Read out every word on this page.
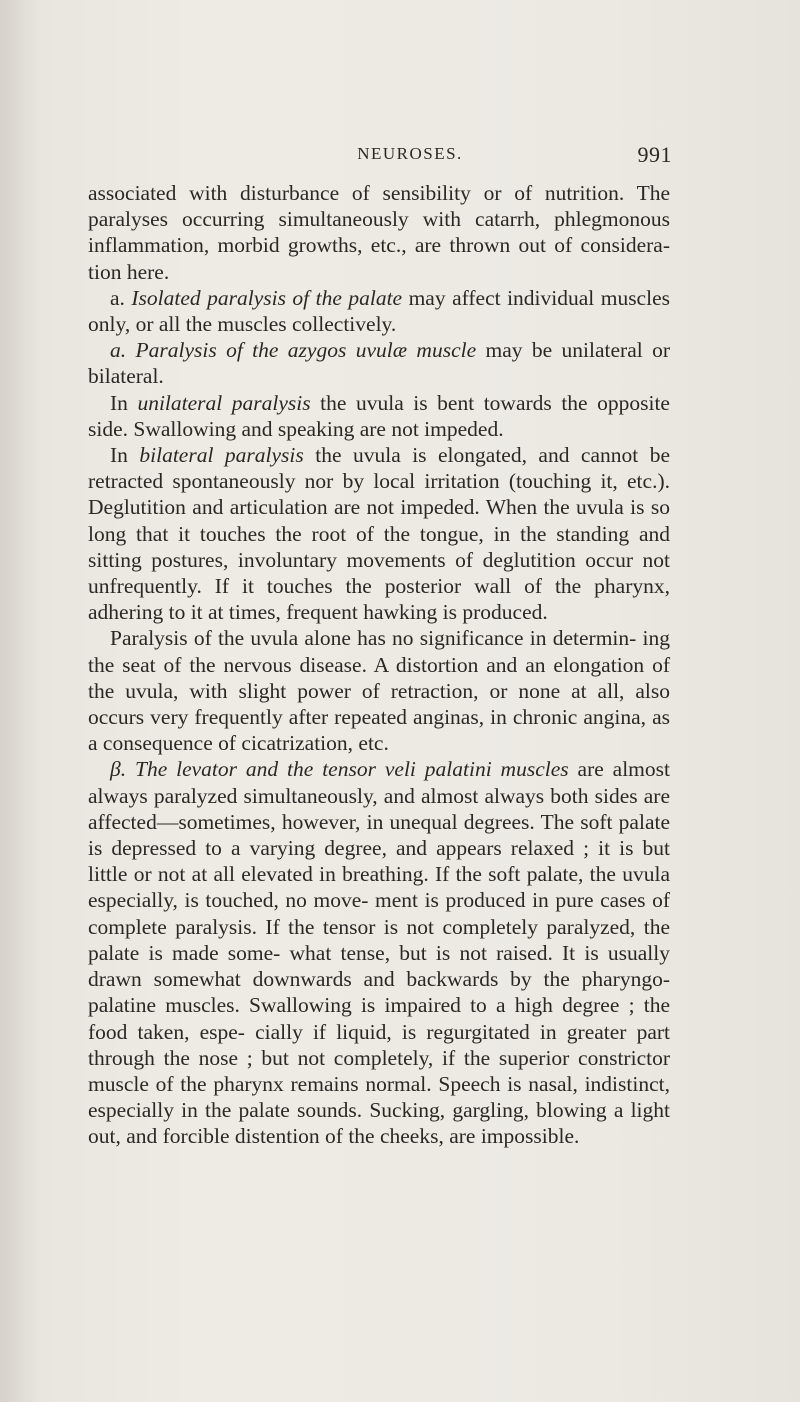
NEUROSES.	991

associated with disturbance of sensibility or of nutrition. The paralyses occurring simultaneously with catarrh, phlegmonous inflammation, morbid growths, etc., are thrown out of considera- tion here.

a. Isolated paralysis of the palate may affect individual muscles only, or all the muscles collectively.

a. Paralysis of the azygos uvulæ muscle may be unilateral or bilateral.

In unilateral paralysis the uvula is bent towards the opposite side. Swallowing and speaking are not impeded.

In bilateral paralysis the uvula is elongated, and cannot be retracted spontaneously nor by local irritation (touching it, etc.). Deglutition and articulation are not impeded. When the uvula is so long that it touches the root of the tongue, in the standing and sitting postures, involuntary movements of deglutition occur not unfrequently. If it touches the posterior wall of the pharynx, adhering to it at times, frequent hawking is produced.

Paralysis of the uvula alone has no significance in determin- ing the seat of the nervous disease. A distortion and an elongation of the uvula, with slight power of retraction, or none at all, also occurs very frequently after repeated anginas, in chronic angina, as a consequence of cicatrization, etc.

β. The levator and the tensor veli palatini muscles are almost always paralyzed simultaneously, and almost always both sides are affected—sometimes, however, in unequal degrees. The soft palate is depressed to a varying degree, and appears relaxed ; it is but little or not at all elevated in breathing. If the soft palate, the uvula especially, is touched, no move- ment is produced in pure cases of complete paralysis. If the tensor is not completely paralyzed, the palate is made some- what tense, but is not raised. It is usually drawn somewhat downwards and backwards by the pharyngo-palatine muscles. Swallowing is impaired to a high degree ; the food taken, espe- cially if liquid, is regurgitated in greater part through the nose ; but not completely, if the superior constrictor muscle of the pharynx remains normal. Speech is nasal, indistinct, especially in the palate sounds. Sucking, gargling, blowing a light out, and forcible distention of the cheeks, are impossible.
